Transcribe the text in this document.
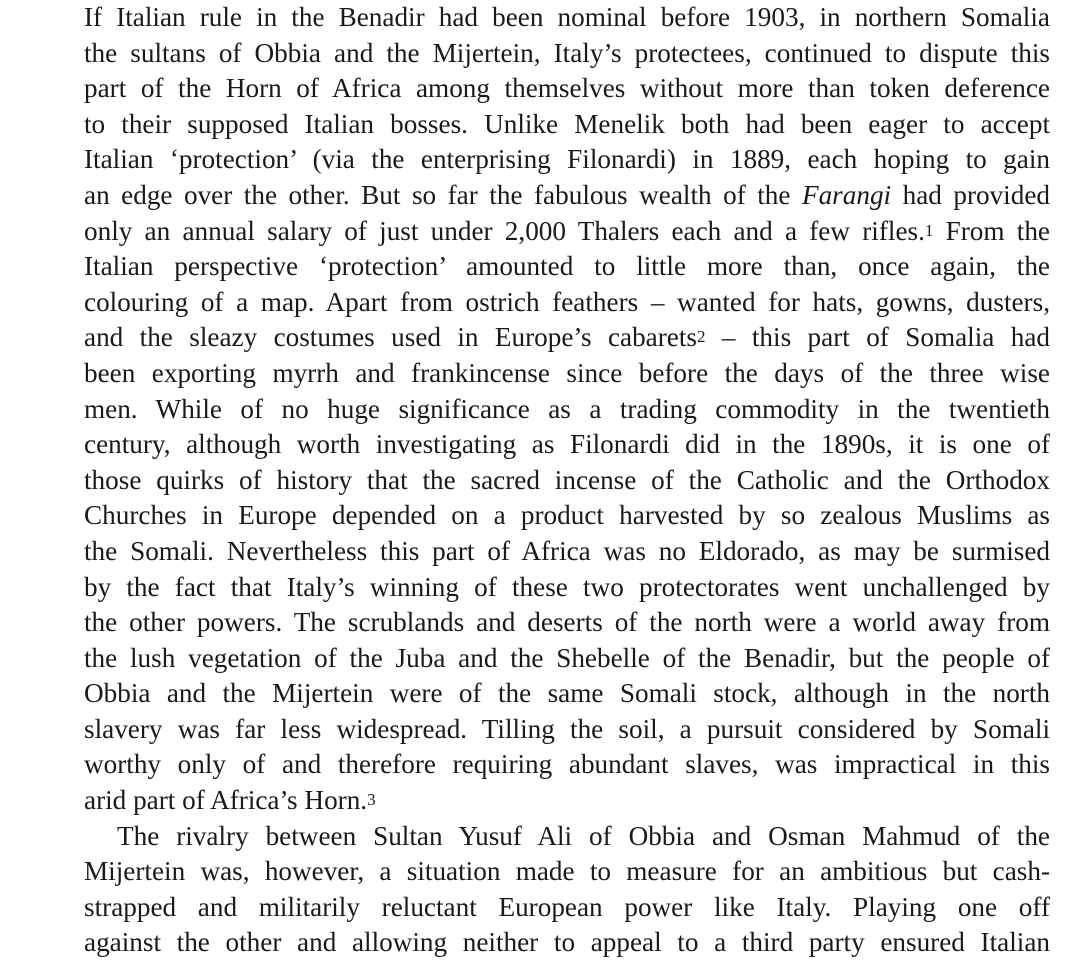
If Italian rule in the Benadir had been nominal before 1903, in northern Somalia
the sultans of Obbia and the Mijertein, Italy’s protectees, continued to dispute this
part of the Horn of Africa among themselves without more than token deference
to their supposed Italian bosses. Unlike Menelik both had been eager to accept
Italian ‘protection’ (via the enterprising Filonardi) in 1889, each hoping to gain
an edge over the other. But so far the fabulous wealth of the Farangi had provided
only an annual salary of just under 2,000 Thalers each and a few rifles.$^1$ From the
Italian perspective ‘protection’ amounted to little more than, once again, the
colouring of a map. Apart from ostrich feathers – wanted for hats, gowns, dusters,
and the sleazy costumes used in Europe’s cabarets$^2$ – this part of Somalia had
been exporting myrrh and frankincense since before the days of the three wise
men. While of no huge significance as a trading commodity in the twentieth
century, although worth investigating as Filonardi did in the 1890s, it is one of
those quirks of history that the sacred incense of the Catholic and the Orthodox
Churches in Europe depended on a product harvested by so zealous Muslims as
the Somali. Nevertheless this part of Africa was no Eldorado, as may be surmised
by the fact that Italy’s winning of these two protectorates went unchallenged by
the other powers. The scrublands and deserts of the north were a world away from
the lush vegetation of the Juba and the Shebelle of the Benadir, but the people of
Obbia and the Mijertein were of the same Somali stock, although in the north
slavery was far less widespread. Tilling the soil, a pursuit considered by Somali
worthy only of and therefore requiring abundant slaves, was impractical in this
arid part of Africa’s Horn.$^3$
The rivalry between Sultan Yusuf Ali of Obbia and Osman Mahmud of the
Mijertein was, however, a situation made to measure for an ambitious but cash-
strapped and militarily reluctant European power like Italy. Playing one off
against the other and allowing neither to appeal to a third party ensured Italian
